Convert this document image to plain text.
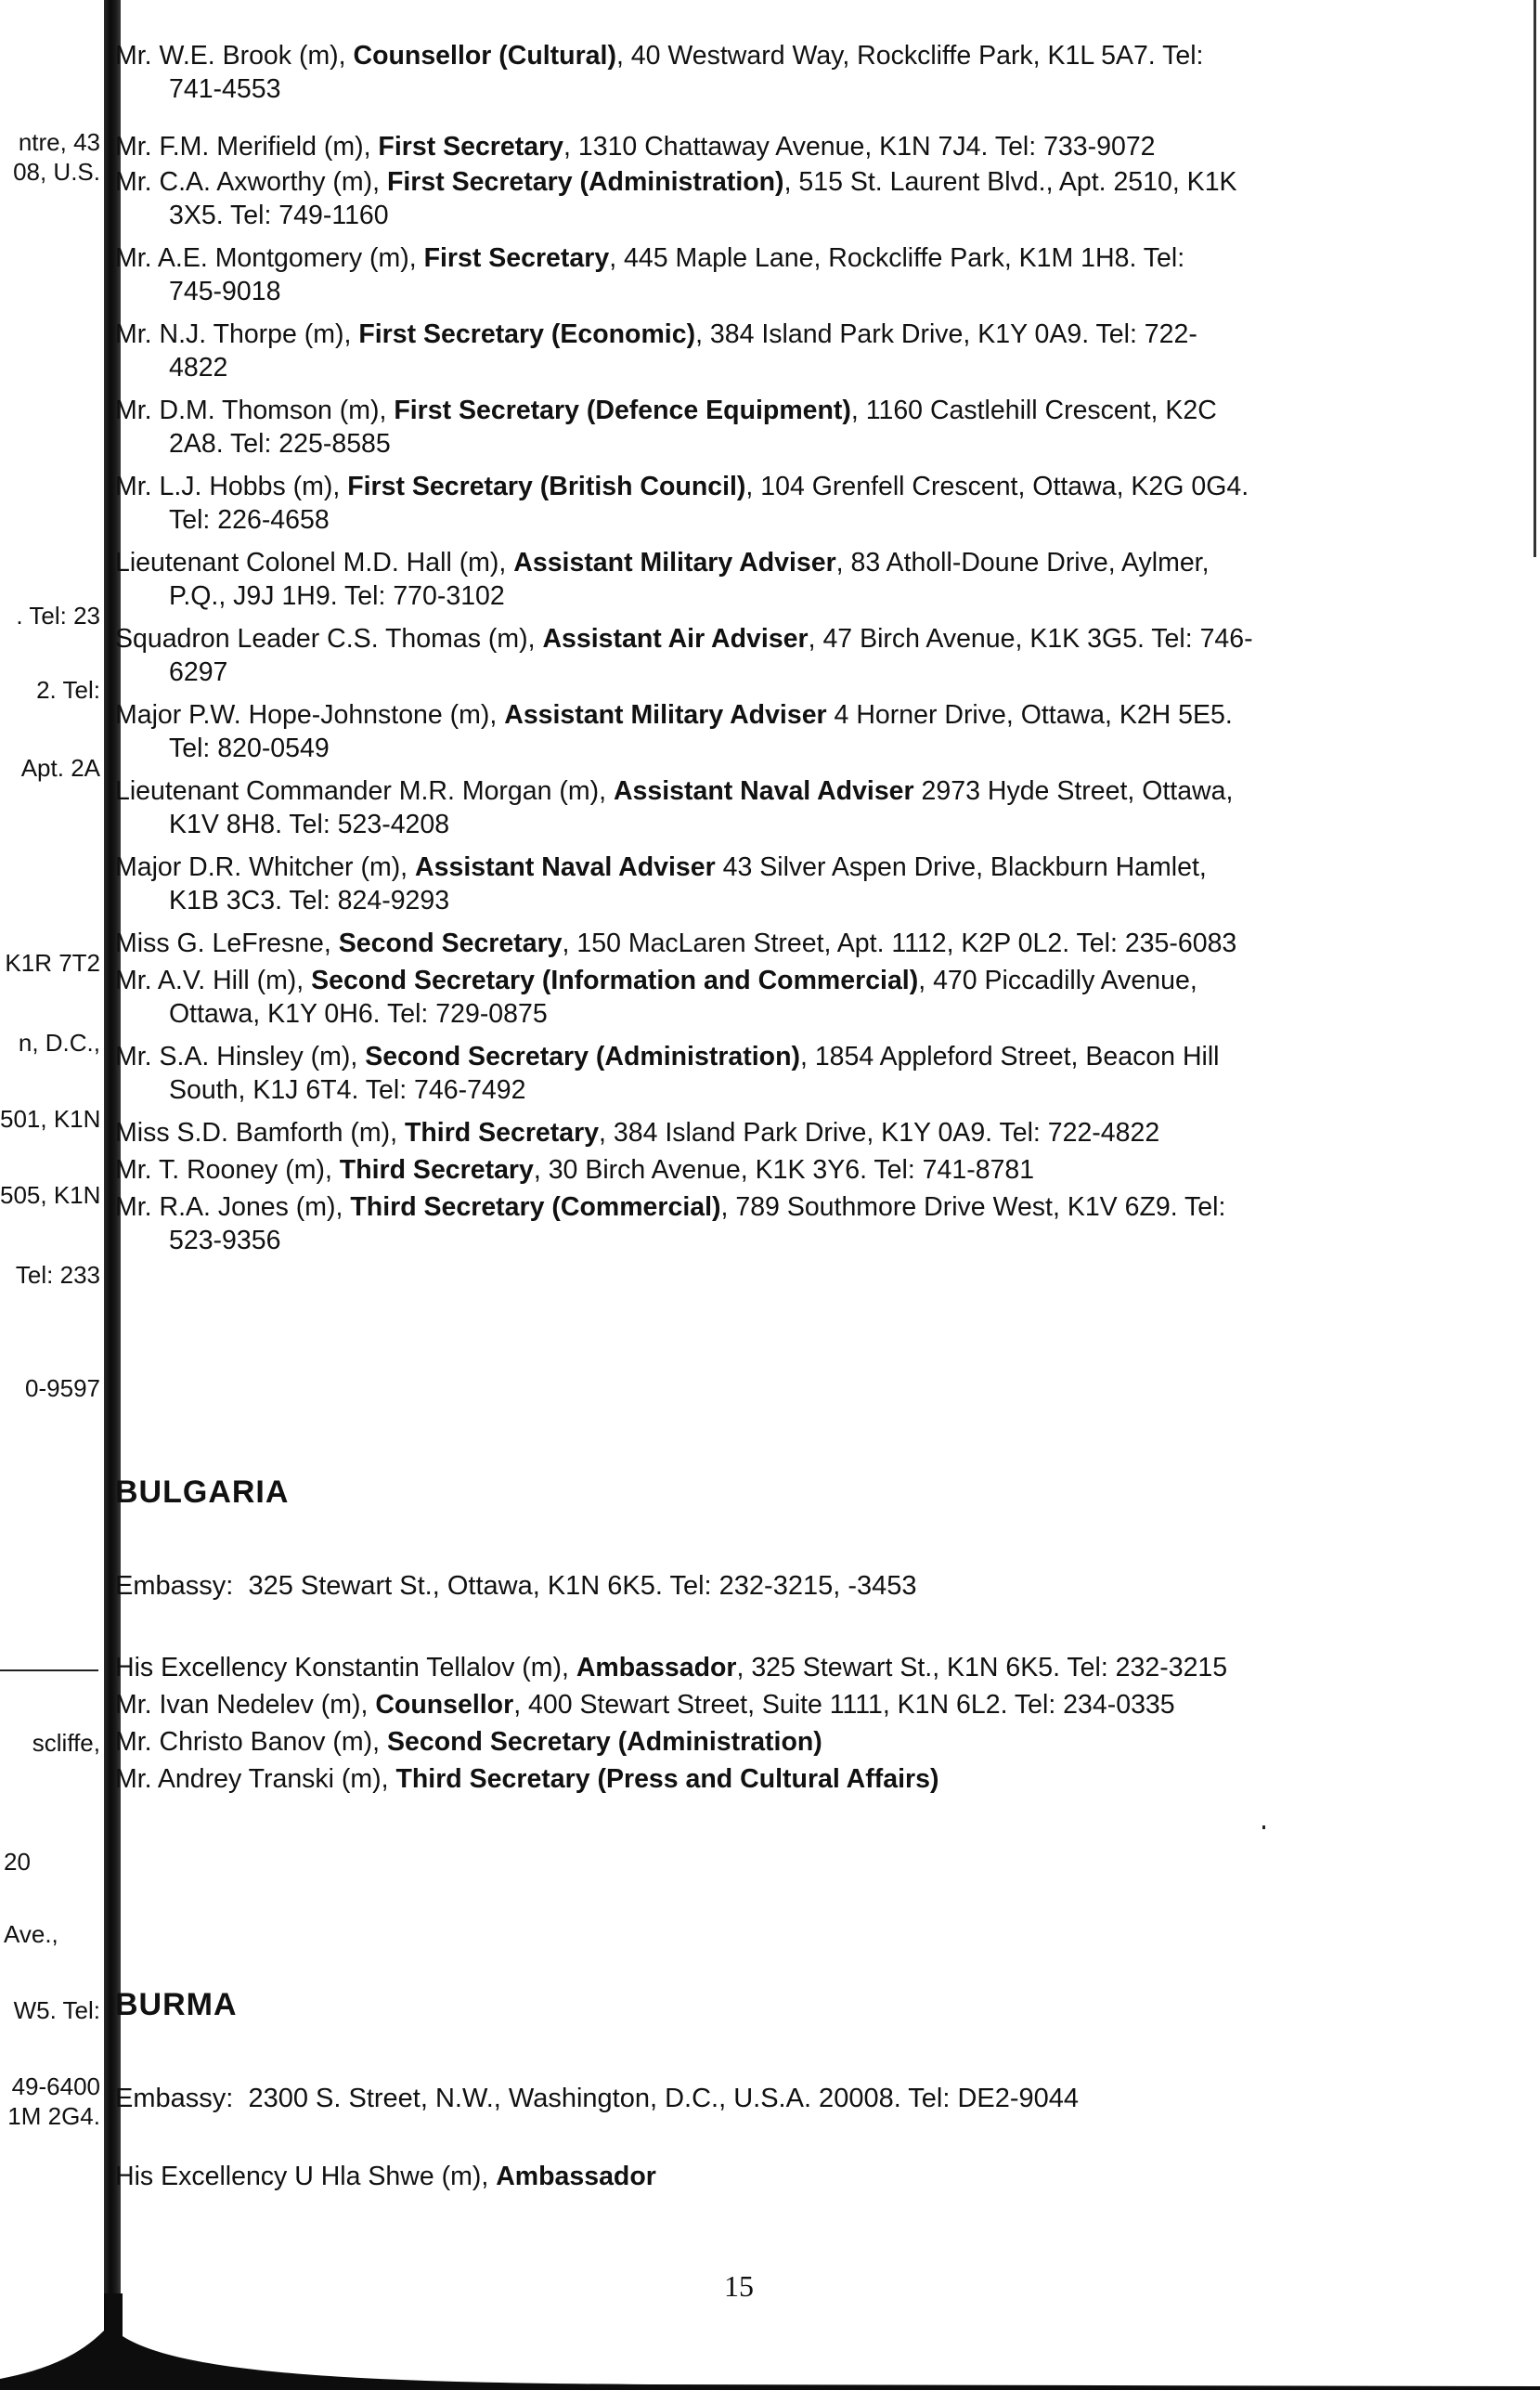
ntre, 43
08, U.S.
. Tel: 23
2. Tel:
Apt. 2A
K1R 7T2
n, D.C.,
501, K1N
505, K1N
Tel: 233
0-9597
scliffe,
20
Ave.,
W5. Tel:
49-6400
1M 2G4.
Mr. W.E. Brook (m), Counsellor (Cultural), 40 Westward Way, Rockcliffe Park, K1L 5A7. Tel:
741-4553
Mr. F.M. Merifield (m), First Secretary, 1310 Chattaway Avenue, K1N 7J4. Tel: 733-9072
Mr. C.A. Axworthy (m), First Secretary (Administration), 515 St. Laurent Blvd., Apt. 2510, K1K
3X5. Tel: 749-1160
Mr. A.E. Montgomery (m), First Secretary, 445 Maple Lane, Rockcliffe Park, K1M 1H8. Tel:
745-9018
Mr. N.J. Thorpe (m), First Secretary (Economic), 384 Island Park Drive, K1Y 0A9. Tel: 722-
4822
Mr. D.M. Thomson (m), First Secretary (Defence Equipment), 1160 Castlehill Crescent, K2C
2A8. Tel: 225-8585
Mr. L.J. Hobbs (m), First Secretary (British Council), 104 Grenfell Crescent, Ottawa, K2G 0G4.
Tel: 226-4658
Lieutenant Colonel M.D. Hall (m), Assistant Military Adviser, 83 Atholl-Doune Drive, Aylmer,
P.Q., J9J 1H9. Tel: 770-3102
Squadron Leader C.S. Thomas (m), Assistant Air Adviser, 47 Birch Avenue, K1K 3G5. Tel: 746-
6297
Major P.W. Hope-Johnstone (m), Assistant Military Adviser 4 Horner Drive, Ottawa, K2H 5E5.
Tel: 820-0549
Lieutenant Commander M.R. Morgan (m), Assistant Naval Adviser 2973 Hyde Street, Ottawa,
K1V 8H8. Tel: 523-4208
Major D.R. Whitcher (m), Assistant Naval Adviser 43 Silver Aspen Drive, Blackburn Hamlet,
K1B 3C3. Tel: 824-9293
Miss G. LeFresne, Second Secretary, 150 MacLaren Street, Apt. 1112, K2P 0L2. Tel: 235-6083
Mr. A.V. Hill (m), Second Secretary (Information and Commercial), 470 Piccadilly Avenue,
Ottawa, K1Y 0H6. Tel: 729-0875
Mr. S.A. Hinsley (m), Second Secretary (Administration), 1854 Appleford Street, Beacon Hill
South, K1J 6T4. Tel: 746-7492
Miss S.D. Bamforth (m), Third Secretary, 384 Island Park Drive, K1Y 0A9. Tel: 722-4822
Mr. T. Rooney (m), Third Secretary, 30 Birch Avenue, K1K 3Y6. Tel: 741-8781
Mr. R.A. Jones (m), Third Secretary (Commercial), 789 Southmore Drive West, K1V 6Z9. Tel:
523-9356
BULGARIA
Embassy: 325 Stewart St., Ottawa, K1N 6K5. Tel: 232-3215, -3453
His Excellency Konstantin Tellalov (m), Ambassador, 325 Stewart St., K1N 6K5. Tel: 232-3215
Mr. Ivan Nedelev (m), Counsellor, 400 Stewart Street, Suite 1111, K1N 6L2. Tel: 234-0335
Mr. Christo Banov (m), Second Secretary (Administration)
Mr. Andrey Transki (m), Third Secretary (Press and Cultural Affairs)
BURMA
Embassy: 2300 S. Street, N.W., Washington, D.C., U.S.A. 20008. Tel: DE2-9044
His Excellency U Hla Shwe (m), Ambassador
15
